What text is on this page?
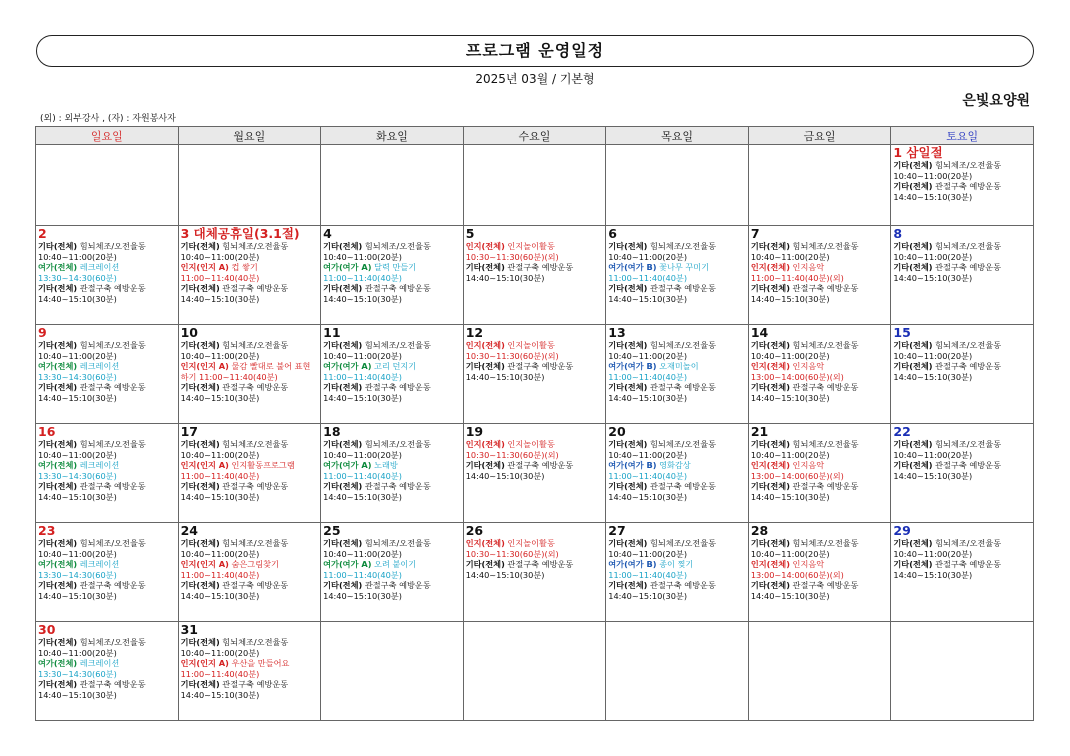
프로그램 운영일정
2025년 03월 / 기본형
은빛요양원
(외) : 외부강사 , (자) : 자원봉사자
일요일	월요일	화요일	수요일	목요일	금요일	토요일

						1 삼일절
기타(전체) 힘뇌체조/오전율동 10:40~11:00(20분)
기타(전체) 관절구축 예방운동 14:40~15:10(30분)

2
기타(전체) 힘뇌체조/오전율동 10:40~11:00(20분)
여가(전체) 레크레이션 13:30~14:30(60분)
기타(전체) 관절구축 예방운동 14:40~15:10(30분)	3 대체공휴일(3.1절)
기타(전체) 힘뇌체조/오전율동 10:40~11:00(20분)
인지(인지 A) 컵 쌓기 11:00~11:40(40분)
기타(전체) 관절구축 예방운동 14:40~15:10(30분)	4
기타(전체) 힘뇌체조/오전율동 10:40~11:00(20분)
여가(여가 A) 달력 만들기 11:00~11:40(40분)
기타(전체) 관절구축 예방운동 14:40~15:10(30분)	5
인지(전체) 인지놀이활동 10:30~11:30(60분)(외)
기타(전체) 관절구축 예방운동 14:40~15:10(30분)	6
기타(전체) 힘뇌체조/오전율동 10:40~11:00(20분)
여가(여가 B) 꽃나무 꾸미기 11:00~11:40(40분)
기타(전체) 관절구축 예방운동 14:40~15:10(30분)	7
기타(전체) 힘뇌체조/오전율동 10:40~11:00(20분)
인지(전체) 인지음악 11:00~11:40(40분)(외)
기타(전체) 관절구축 예방운동 14:40~15:10(30분)	8
기타(전체) 힘뇌체조/오전율동 10:40~11:00(20분)
기타(전체) 관절구축 예방운동 14:40~15:10(30분)

9
기타(전체) 힘뇌체조/오전율동 10:40~11:00(20분)
여가(전체) 레크레이션 13:30~14:30(60분)
기타(전체) 관절구축 예방운동 14:40~15:10(30분)	10
기타(전체) 힘뇌체조/오전율동 10:40~11:00(20분)
인지(인지 A) 물감 빨대로 불어 표현하기 11:00~11:40(40분)
기타(전체) 관절구축 예방운동 14:40~15:10(30분)	11
기타(전체) 힘뇌체조/오전율동 10:40~11:00(20분)
여가(여가 A) 고리 던지기 11:00~11:40(40분)
기타(전체) 관절구축 예방운동 14:40~15:10(30분)	12
인지(전체) 인지놀이활동 10:30~11:30(60분)(외)
기타(전체) 관절구축 예방운동 14:40~15:10(30분)	13
기타(전체) 힘뇌체조/오전율동 10:40~11:00(20분)
여가(여가 B) 오재미놀이 11:00~11:40(40분)
기타(전체) 관절구축 예방운동 14:40~15:10(30분)	14
기타(전체) 힘뇌체조/오전율동 10:40~11:00(20분)
인지(전체) 인지음악 13:00~14:00(60분)(외)
기타(전체) 관절구축 예방운동 14:40~15:10(30분)	15
기타(전체) 힘뇌체조/오전율동 10:40~11:00(20분)
기타(전체) 관절구축 예방운동 14:40~15:10(30분)

16
기타(전체) 힘뇌체조/오전율동 10:40~11:00(20분)
여가(전체) 레크레이션 13:30~14:30(60분)
기타(전체) 관절구축 예방운동 14:40~15:10(30분)	17
기타(전체) 힘뇌체조/오전율동 10:40~11:00(20분)
인지(인지 A) 인지활동프로그램 11:00~11:40(40분)
기타(전체) 관절구축 예방운동 14:40~15:10(30분)	18
기타(전체) 힘뇌체조/오전율동 10:40~11:00(20분)
여가(여가 A) 노래방 11:00~11:40(40분)
기타(전체) 관절구축 예방운동 14:40~15:10(30분)	19
인지(전체) 인지놀이활동 10:30~11:30(60분)(외)
기타(전체) 관절구축 예방운동 14:40~15:10(30분)	20
기타(전체) 힘뇌체조/오전율동 10:40~11:00(20분)
여가(여가 B) 영화감상 11:00~11:40(40분)
기타(전체) 관절구축 예방운동 14:40~15:10(30분)	21
기타(전체) 힘뇌체조/오전율동 10:40~11:00(20분)
인지(전체) 인지음악 13:00~14:00(60분)(외)
기타(전체) 관절구축 예방운동 14:40~15:10(30분)	22
기타(전체) 힘뇌체조/오전율동 10:40~11:00(20분)
기타(전체) 관절구축 예방운동 14:40~15:10(30분)

23
기타(전체) 힘뇌체조/오전율동 10:40~11:00(20분)
여가(전체) 레크레이션 13:30~14:30(60분)
기타(전체) 관절구축 예방운동 14:40~15:10(30분)	24
기타(전체) 힘뇌체조/오전율동 10:40~11:00(20분)
인지(인지 A) 숨은그림찾기 11:00~11:40(40분)
기타(전체) 관절구축 예방운동 14:40~15:10(30분)	25
기타(전체) 힘뇌체조/오전율동 10:40~11:00(20분)
여가(여가 A) 오려 붙이기 11:00~11:40(40분)
기타(전체) 관절구축 예방운동 14:40~15:10(30분)	26
인지(전체) 인지놀이활동 10:30~11:30(60분)(외)
기타(전체) 관절구축 예방운동 14:40~15:10(30분)	27
기타(전체) 힘뇌체조/오전율동 10:40~11:00(20분)
여가(여가 B) 종이 찢기 11:00~11:40(40분)
기타(전체) 관절구축 예방운동 14:40~15:10(30분)	28
기타(전체) 힘뇌체조/오전율동 10:40~11:00(20분)
인지(전체) 인지음악 13:00~14:00(60분)(외)
기타(전체) 관절구축 예방운동 14:40~15:10(30분)	29
기타(전체) 힘뇌체조/오전율동 10:40~11:00(20분)
기타(전체) 관절구축 예방운동 14:40~15:10(30분)

30
기타(전체) 힘뇌체조/오전율동 10:40~11:00(20분)
여가(전체) 레크레이션 13:30~14:30(60분)
기타(전체) 관절구축 예방운동 14:40~15:10(30분)	31
기타(전체) 힘뇌체조/오전율동 10:40~11:00(20분)
인지(인지 A) 우산을 만들어요 11:00~11:40(40분)
기타(전체) 관절구축 예방운동 14:40~15:10(30분)					
